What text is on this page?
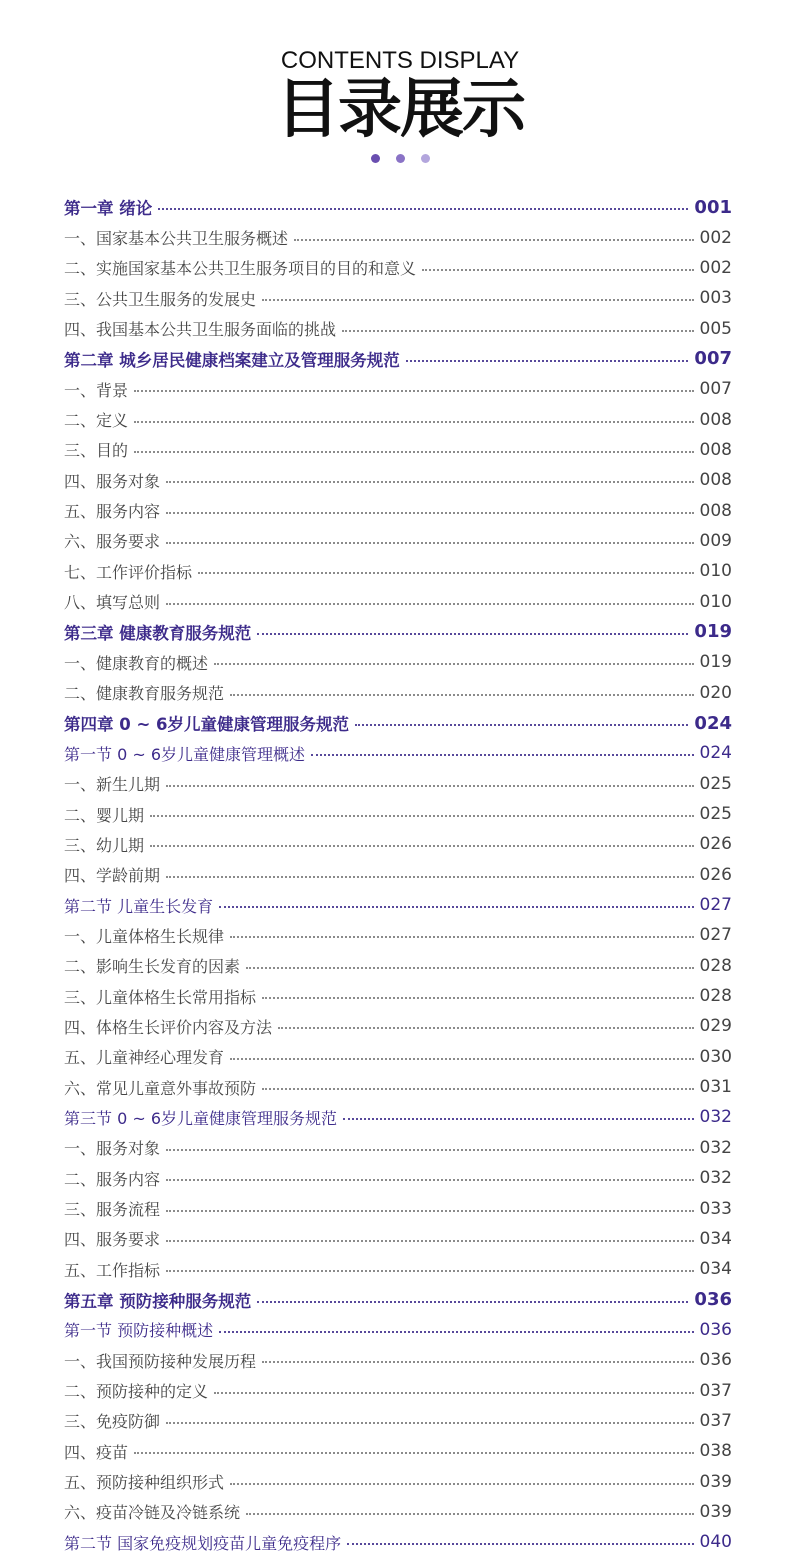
CONTENTS DISPLAY
目录展示
第一章 绪论	001
一、国家基本公共卫生服务概述	002
二、实施国家基本公共卫生服务项目的目的和意义	002
三、公共卫生服务的发展史	003
四、我国基本公共卫生服务面临的挑战	005
第二章 城乡居民健康档案建立及管理服务规范	007
一、背景	007
二、定义	008
三、目的	008
四、服务对象	008
五、服务内容	008
六、服务要求	009
七、工作评价指标	010
八、填写总则	010
第三章 健康教育服务规范	019
一、健康教育的概述	019
二、健康教育服务规范	020
第四章 0 ~ 6岁儿童健康管理服务规范	024
第一节 0 ~ 6岁儿童健康管理概述	024
一、新生儿期	025
二、婴儿期	025
三、幼儿期	026
四、学龄前期	026
第二节 儿童生长发育	027
一、儿童体格生长规律	027
二、影响生长发育的因素	028
三、儿童体格生长常用指标	028
四、体格生长评价内容及方法	029
五、儿童神经心理发育	030
六、常见儿童意外事故预防	031
第三节 0 ~ 6岁儿童健康管理服务规范	032
一、服务对象	032
二、服务内容	032
三、服务流程	033
四、服务要求	034
五、工作指标	034
第五章 预防接种服务规范	036
第一节 预防接种概述	036
一、我国预防接种发展历程	036
二、预防接种的定义	037
三、免疫防御	037
四、疫苗	038
五、预防接种组织形式	039
六、疫苗冷链及冷链系统	039
第二节 国家免疫规划疫苗儿童免疫程序	040
